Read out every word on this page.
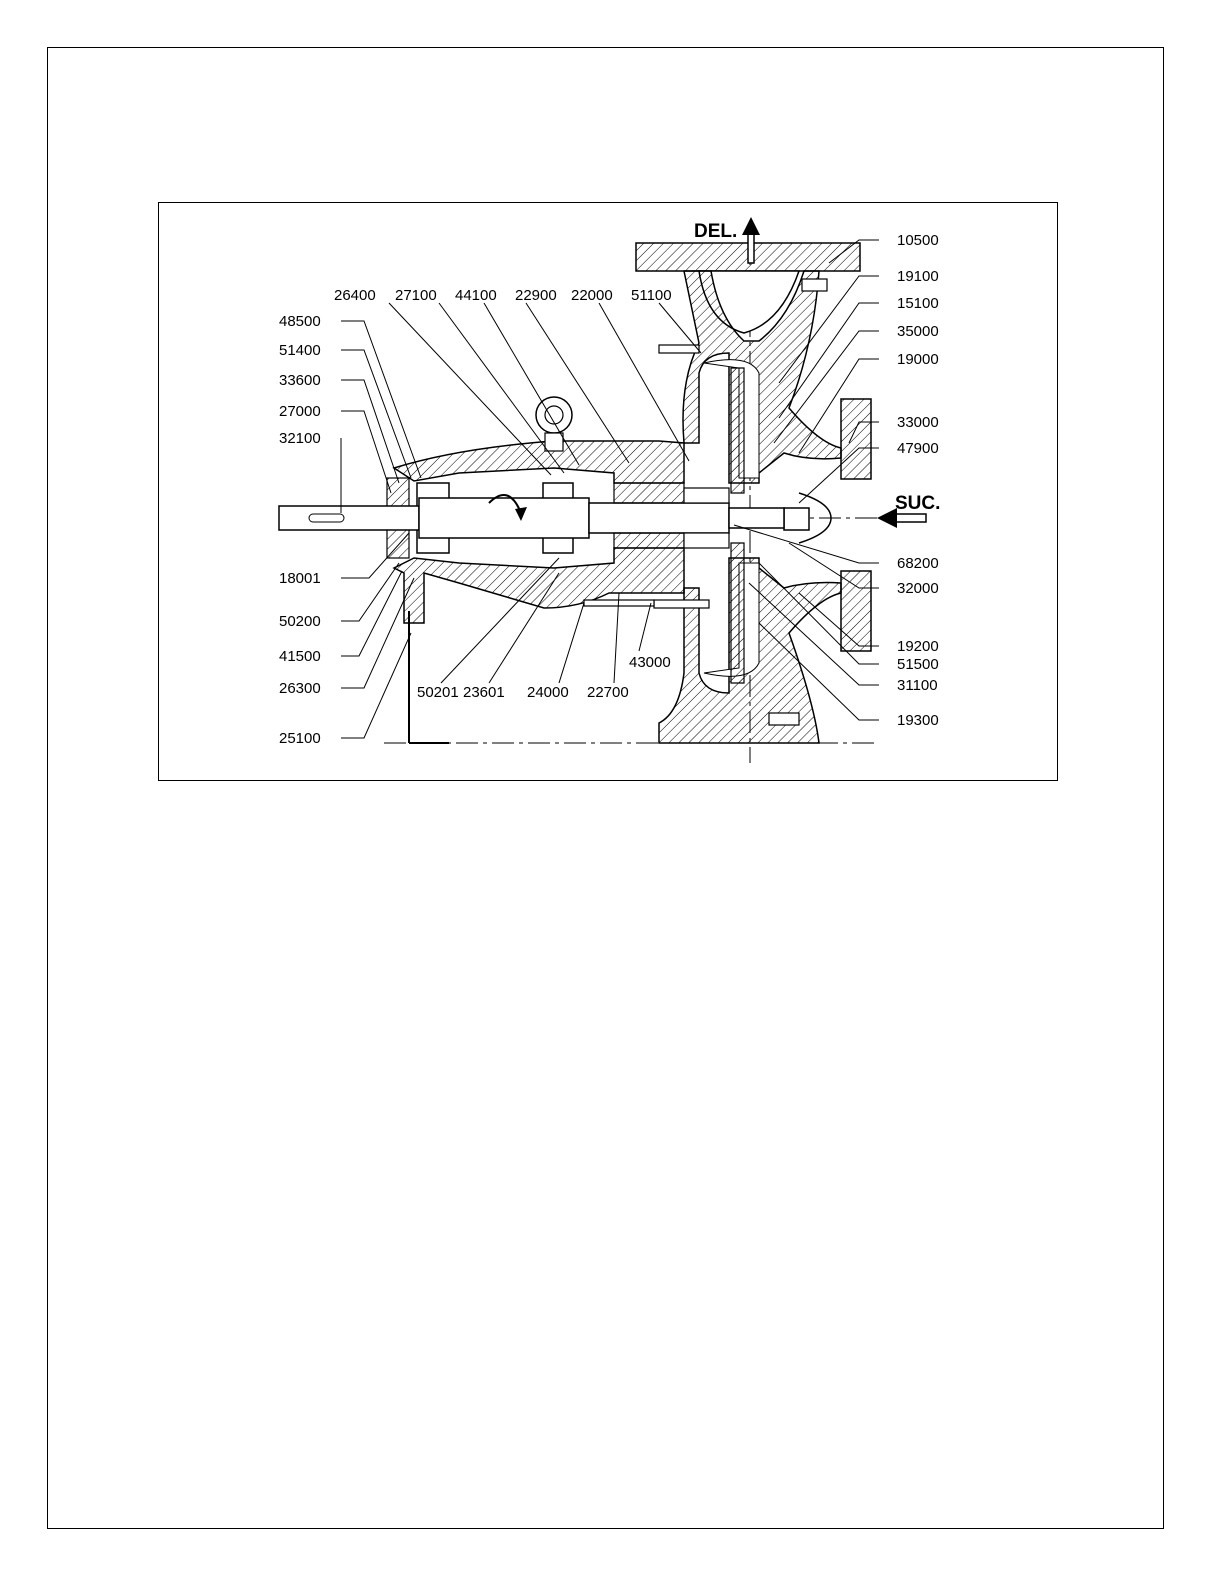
DEL.
SUC.
26400 27100 44100 22900 22000 51100
48500
51400
33600
27000
32100
18001
50200
41500
26300
25100
10500
19100
15100
35000
19000
33000
47900
68200
32000
19200
51500
31100
19300
50201 23601 24000 22700
43000
